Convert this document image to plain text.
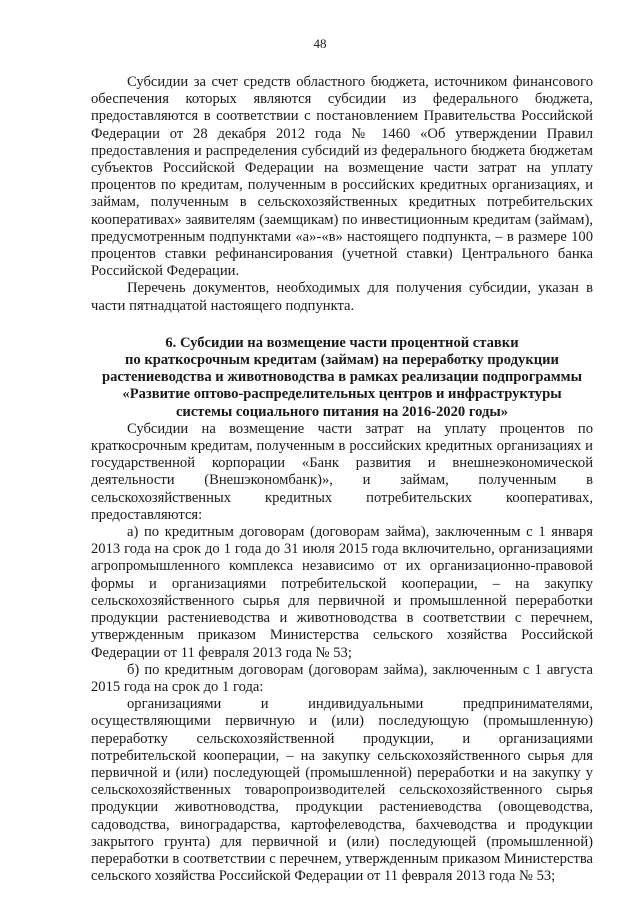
48

Субсидии за счет средств областного бюджета, источником финансового обеспечения которых являются субсидии из федерального бюджета, предоставляются в соответствии с постановлением Правительства Российской Федерации от 28 декабря 2012 года № 1460 «Об утверждении Правил предоставления и распределения субсидий из федерального бюджета бюджетам субъектов Российской Федерации на возмещение части затрат на уплату процентов по кредитам, полученным в российских кредитных организациях, и займам, полученным в сельскохозяйственных кредитных потребительских кооперативах» заявителям (заемщикам) по инвестиционным кредитам (займам), предусмотренным подпунктами «а»-«в» настоящего подпункта, – в размере 100 процентов ставки рефинансирования (учетной ставки) Центрального банка Российской Федерации.

Перечень документов, необходимых для получения субсидии, указан в части пятнадцатой настоящего подпункта.

6. Субсидии на возмещение части процентной ставки
по краткосрочным кредитам (займам) на переработку продукции
растениеводства и животноводства в рамках реализации подпрограммы
«Развитие оптово-распределительных центров и инфраструктуры
системы социального питания на 2016-2020 годы»

Субсидии на возмещение части затрат на уплату процентов по краткосрочным кредитам, полученным в российских кредитных организациях и государственной корпорации «Банк развития и внешнеэкономической деятельности (Внешэкономбанк)», и займам, полученным в сельскохозяйственных кредитных потребительских кооперативах, предоставляются:

а) по кредитным договорам (договорам займа), заключенным с 1 января 2013 года на срок до 1 года до 31 июля 2015 года включительно, организациями агропромышленного комплекса независимо от их организационно-правовой формы и организациями потребительской кооперации, – на закупку сельскохозяйственного сырья для первичной и промышленной переработки продукции растениеводства и животноводства в соответствии с перечнем, утвержденным приказом Министерства сельского хозяйства Российской Федерации от 11 февраля 2013 года № 53;

б) по кредитным договорам (договорам займа), заключенным с 1 августа 2015 года на срок до 1 года:

организациями и индивидуальными предпринимателями, осуществляющими первичную и (или) последующую (промышленную) переработку сельскохозяйственной продукции, и организациями потребительской кооперации, – на закупку сельскохозяйственного сырья для первичной и (или) последующей (промышленной) переработки и на закупку у сельскохозяйственных товаропроизводителей сельскохозяйственного сырья продукции животноводства, продукции растениеводства (овощеводства, садоводства, виноградарства, картофелеводства, бахчеводства и продукции закрытого грунта) для первичной и (или) последующей (промышленной) переработки в соответствии с перечнем, утвержденным приказом Министерства сельского хозяйства Российской Федерации от 11 февраля 2013 года № 53;
